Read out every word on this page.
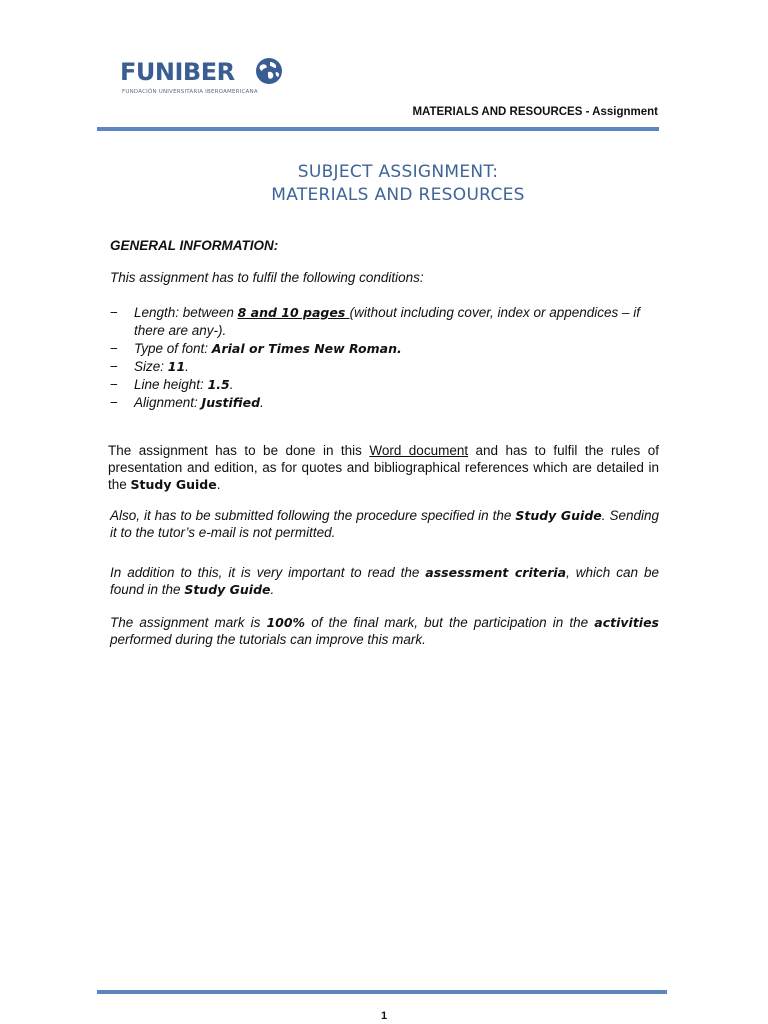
FUNIBER
FUNDACIÓN UNIVERSITARIA IBEROAMERICANA
MATERIALS AND RESOURCES - Assignment
SUBJECT ASSIGNMENT:
MATERIALS AND RESOURCES
GENERAL INFORMATION:
This assignment has to fulfil the following conditions:
− Length: between 8 and 10 pages (without including cover, index or appendices – if there are any-).
− Type of font: Arial or Times New Roman.
− Size: 11.
− Line height: 1.5.
− Alignment: Justified.
The assignment has to be done in this Word document and has to fulfil the rules of presentation and edition, as for quotes and bibliographical references which are detailed in the Study Guide.
Also, it has to be submitted following the procedure specified in the Study Guide. Sending it to the tutor’s e-mail is not permitted.
In addition to this, it is very important to read the assessment criteria, which can be found in the Study Guide.
The assignment mark is 100% of the final mark, but the participation in the activities performed during the tutorials can improve this mark.
1
